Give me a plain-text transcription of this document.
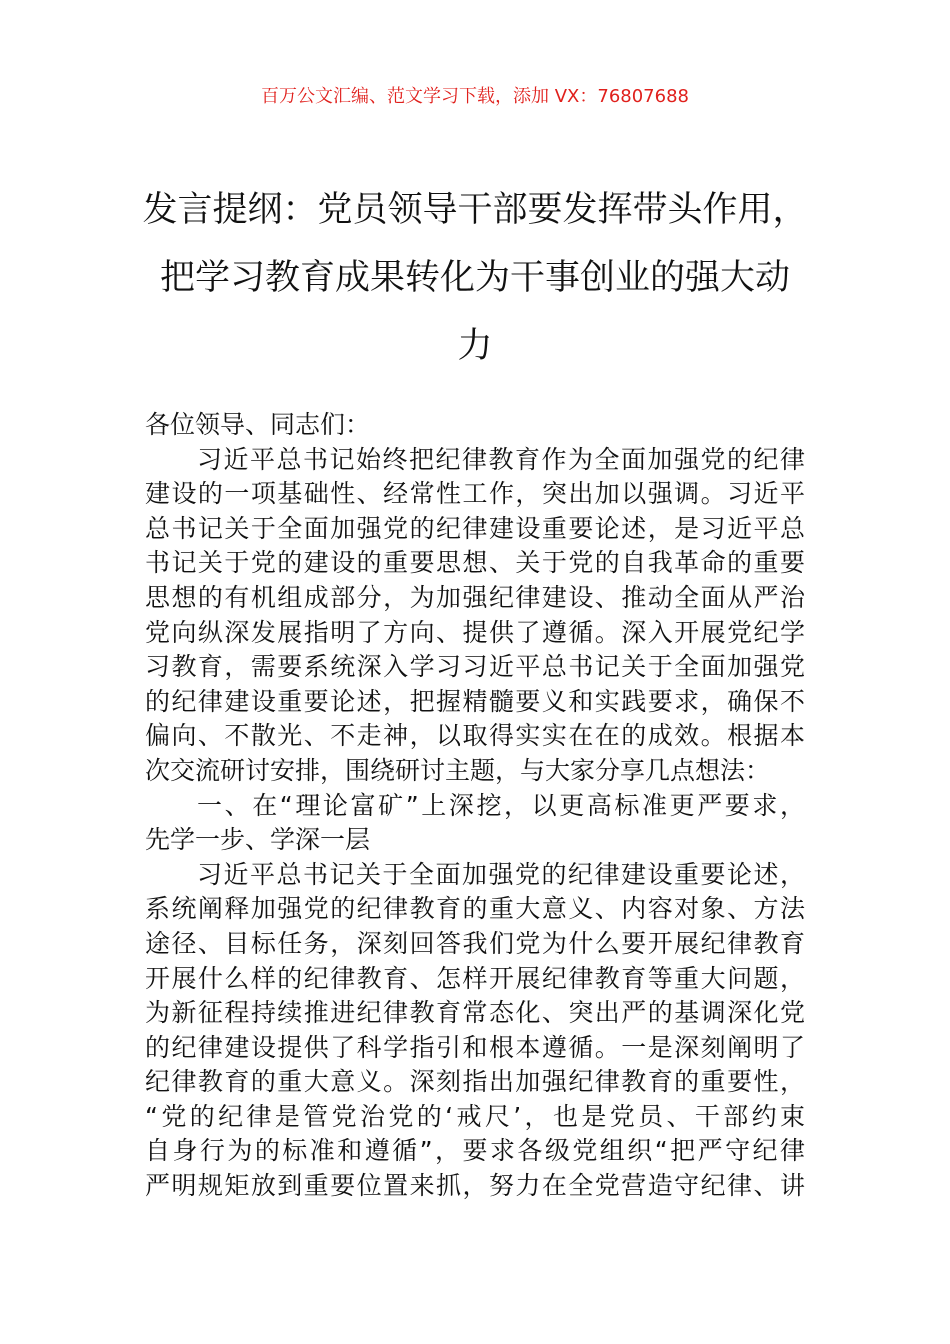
百万公文汇编、范文学习下载，添加 VX：76807688
发言提纲：党员领导干部要发挥带头作用，
把学习教育成果转化为干事创业的强大动
力
各位领导、同志们：
习近平总书记始终把纪律教育作为全面加强党的纪律
建设的一项基础性、经常性工作，突出加以强调。习近平
总书记关于全面加强党的纪律建设重要论述，是习近平总
书记关于党的建设的重要思想、关于党的自我革命的重要
思想的有机组成部分，为加强纪律建设、推动全面从严治
党向纵深发展指明了方向、提供了遵循。深入开展党纪学
习教育，需要系统深入学习习近平总书记关于全面加强党
的纪律建设重要论述，把握精髓要义和实践要求，确保不
偏向、不散光、不走神，以取得实实在在的成效。根据本
次交流研讨安排，围绕研讨主题，与大家分享几点想法：
一、在“理论富矿”上深挖，以更高标准更严要求，
先学一步、学深一层
习近平总书记关于全面加强党的纪律建设重要论述，
系统阐释加强党的纪律教育的重大意义、内容对象、方法
途径、目标任务，深刻回答我们党为什么要开展纪律教育
开展什么样的纪律教育、怎样开展纪律教育等重大问题，
为新征程持续推进纪律教育常态化、突出严的基调深化党
的纪律建设提供了科学指引和根本遵循。一是深刻阐明了
纪律教育的重大意义。深刻指出加强纪律教育的重要性，
“党的纪律是管党治党的‘戒尺’，也是党员、干部约束
自身行为的标准和遵循”，要求各级党组织“把严守纪律
严明规矩放到重要位置来抓，努力在全党营造守纪律、讲
